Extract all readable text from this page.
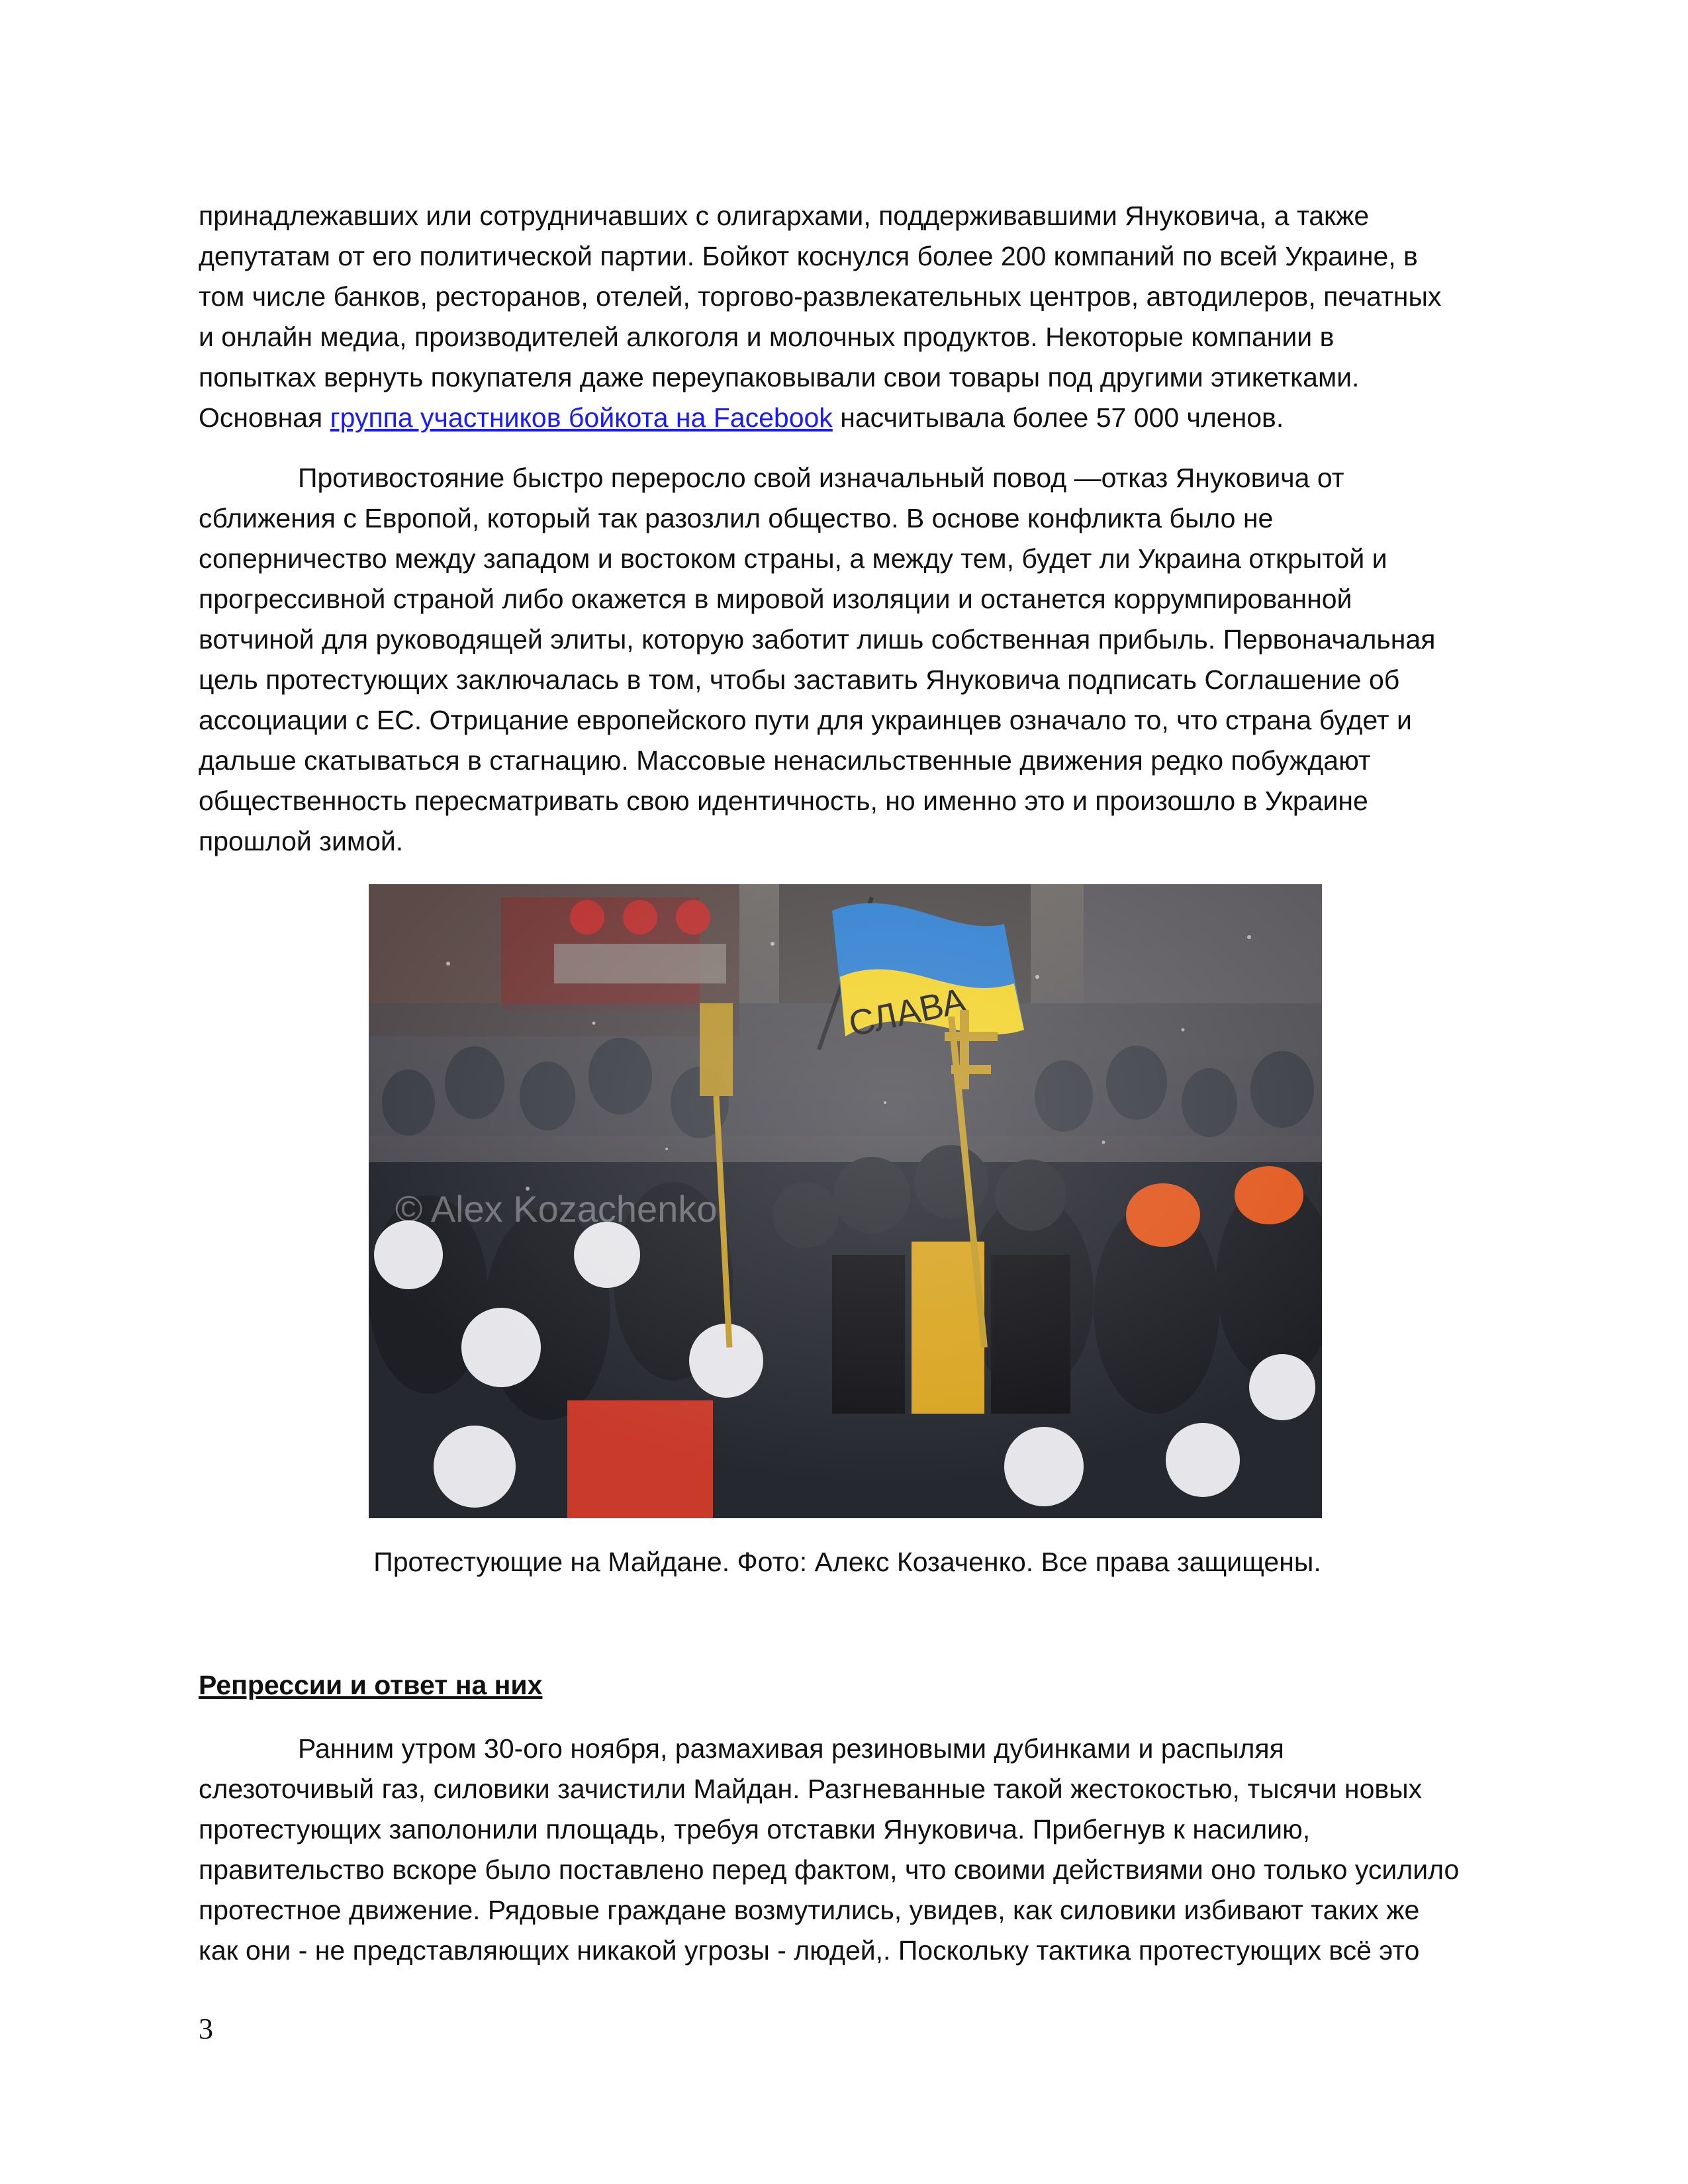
принадлежавших или сотрудничавших с олигархами, поддерживавшими Януковича, а также
депутатам от его политической партии. Бойкот коснулся более 200 компаний по всей Украине, в
том числе банков, ресторанов, отелей, торгово-развлекательных центров, автодилеров, печатных
и онлайн медиа, производителей алкоголя и молочных продуктов. Некоторые компании в
попытках вернуть покупателя даже переупаковывали свои товары под другими этикетками.
Основная группа участников бойкота на Facebook насчитывала более 57 000 членов.
Противостояние быстро переросло свой изначальный повод —отказ Януковича от
сближения с Европой, который так разозлил общество. В основе конфликта было не
соперничество между западом и востоком страны, а между тем, будет ли Украина открытой и
прогрессивной страной либо окажется в мировой изоляции и останется коррумпированной
вотчиной для руководящей элиты, которую заботит лишь собственная прибыль. Первоначальная
цель протестующих заключалась в том, чтобы заставить Януковича подписать Соглашение об
ассоциации с ЕС. Отрицание европейского пути для украинцев означало то, что страна будет и
дальше скатываться в стагнацию. Массовые ненасильственные движения редко побуждают
общественность пересматривать свою идентичность, но именно это и произошло в Украине
прошлой зимой.
© Alex Kozachenko
Протестующие на Майдане. Фото: Алекс Козаченко. Все права защищены.
Репрессии и ответ на них
Ранним утром 30-ого ноября, размахивая резиновыми дубинками и распыляя
слезоточивый газ, силовики зачистили Майдан. Разгневанные такой жестокостью, тысячи новых
протестующих заполонили площадь, требуя отставки Януковича. Прибегнув к насилию,
правительство вскоре было поставлено перед фактом, что своими действиями оно только усилило
протестное движение. Рядовые граждане возмутились, увидев, как силовики избивают таких же
как они - не представляющих никакой угрозы - людей,. Поскольку тактика протестующих всё это
3
